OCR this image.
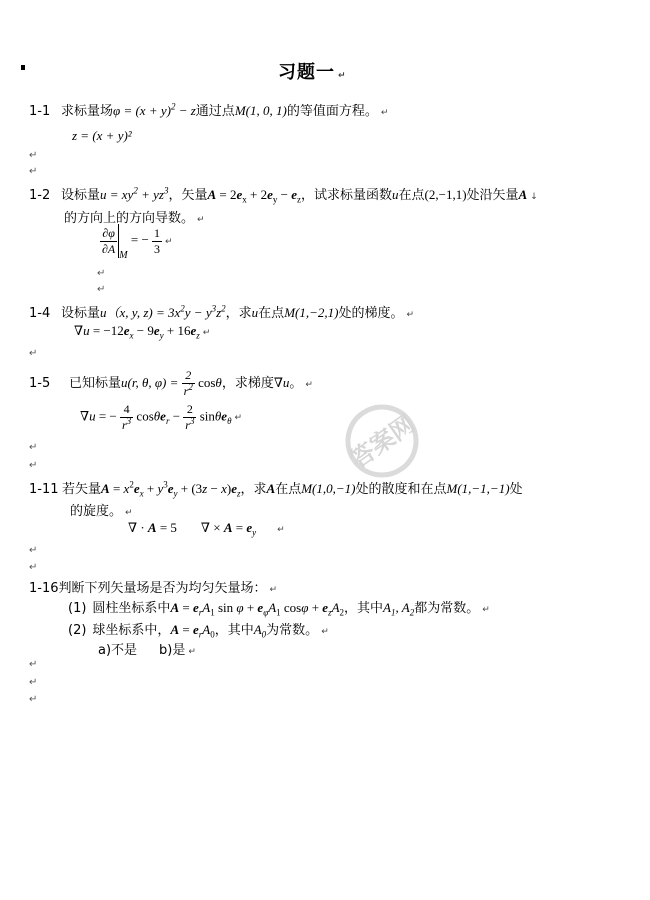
习题一 ↵
1-1 求标量场$\varphi = (x + y)^2 - z$通过点M(1, 0, 1)的等值面方程。 ↵
z = (x + y)²
↵
↵
1-2 设标量$u = xy^2 + yz^3$，矢量$A = 2e_x + 2e_y - e_z$，试求标量函数u在点(2,−1,1)处沿矢量A ↓
的方向上的方向导数。 ↵
$\frac{\partial\varphi}{\partial A} _M$ = − $\frac{1}{3}$ ↵
↵
↵
1-4 设标量u（x, y, $z) = 3x^2y - y^3z^2$，求u在点M(1,−2,1)处的梯度。 ↵
$\nabla u = -12e_x - 9e_y + 16e_z$ ↵
↵
1-5 已知标量u(r, θ, $\varphi) = \frac{2}{r^2}$ cosθ，求梯度∇u。 ↵
∇u = − $\frac{4}{r^3} \cos\theta e_r - \frac{2}{r^3} \sin\theta e_\theta$ ↵
↵
↵	答案网
1-11 若矢量$A = x^2e_x + y^3e_y + (3z - x)e_z$，求A在点M(1,0,−1)处的散度和在点M(1,−1,−1)处
的旋度。 ↵
∇ · A = 5 ∇ × $A = e_y$ ↵
↵
↵
1-16判断下列矢量场是否为均匀矢量场： ↵
(1) 圆柱坐标系中$A = e_rA_1$ $\sin \varphi + e_\varphi A_1$ $\cos\varphi + e_zA_2$，其中$A_1$, $A_2$都为常数。 ↵
(2) 球坐标系中，$A = e_rA_0$，其中$A_0$为常数。 ↵
a)不是 b)是 ↵
↵
↵
↵
